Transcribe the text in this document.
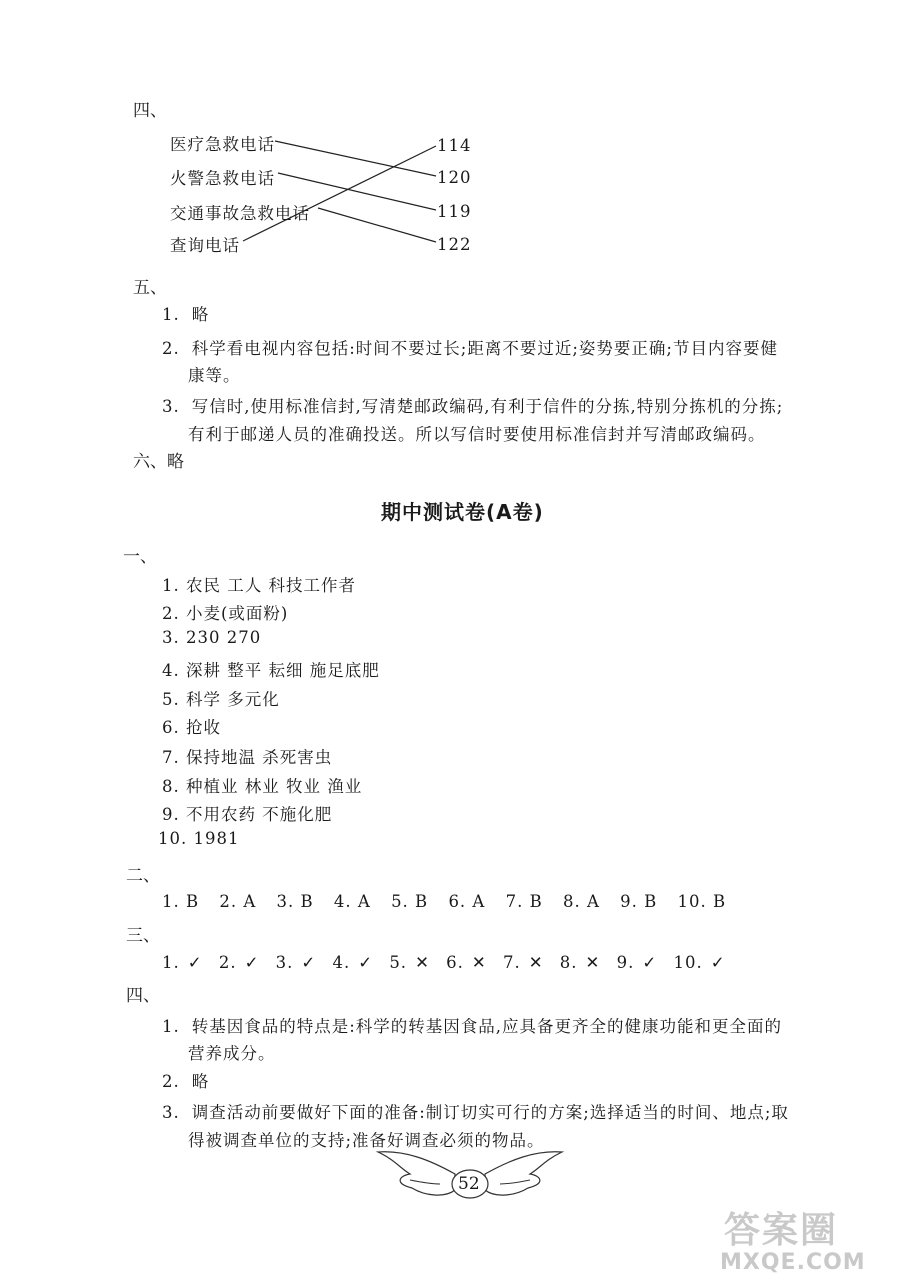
四、
医疗急救电话
火警急救电话
交通事故急救电话
查询电话
114
120
119
122
五、
1. 略
2. 科学看电视内容包括:时间不要过长;距离不要过近;姿势要正确;节目内容要健
康等。
3. 写信时,使用标准信封,写清楚邮政编码,有利于信件的分拣,特别分拣机的分拣;
有利于邮递人员的准确投送。所以写信时要使用标准信封并写清邮政编码。
六、略
期中测试卷(A卷)
一、
1. 农民 工人 科技工作者
2. 小麦(或面粉)
3. 230 270
4. 深耕 整平 耘细 施足底肥
5. 科学 多元化
6. 抢收
7. 保持地温 杀死害虫
8. 种植业 林业 牧业 渔业
9. 不用农药 不施化肥
10. 1981
二、
1. B 2. A 3. B 4. A 5. B 6. A 7. B 8. A 9. B 10. B
三、
1. ✓ 2. ✓ 3. ✓ 4. ✓ 5. ✕ 6. ✕ 7. ✕ 8. ✕ 9. ✓ 10. ✓
四、
1. 转基因食品的特点是:科学的转基因食品,应具备更齐全的健康功能和更全面的
营养成分。
2. 略
3. 调查活动前要做好下面的准备:制订切实可行的方案;选择适当的时间、地点;取
得被调查单位的支持;准备好调查必须的物品。
52
答案圈
MXQE.COM
